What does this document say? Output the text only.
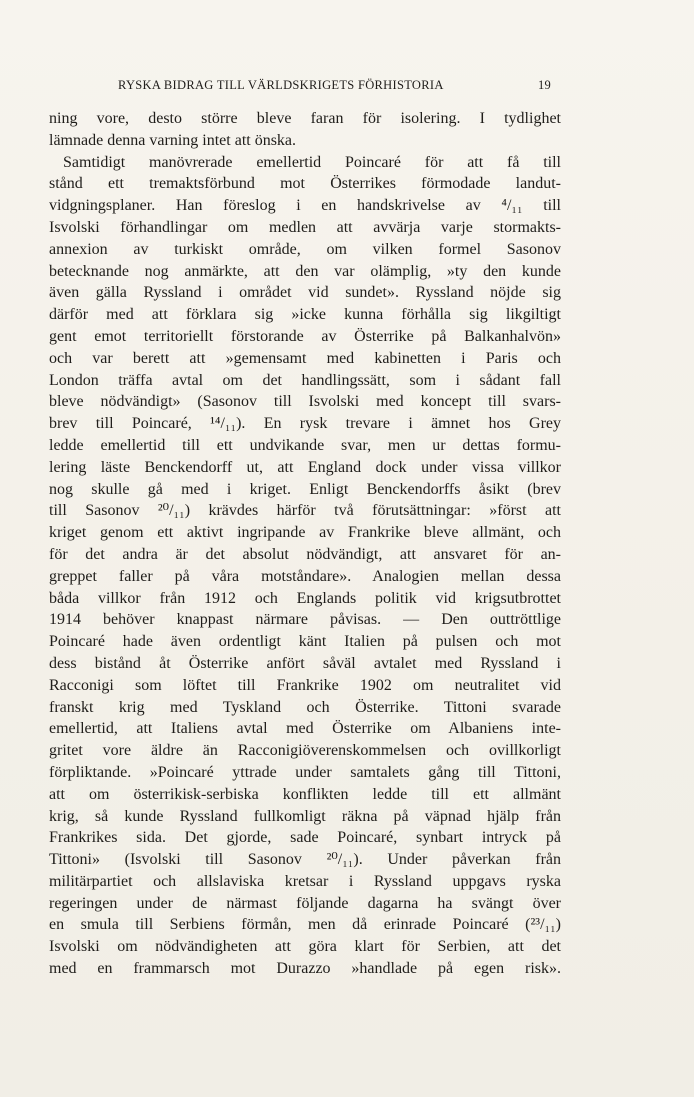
RYSKA BIDRAG TILL VÄRLDSKRIGETS FÖRHISTORIA	19
ning vore, desto större bleve faran för isolering. I tydlighet
lämnade denna varning intet att önska.
Samtidigt manövrerade emellertid Poincaré för att få till
stånd ett tremaktsförbund mot Österrikes förmodade landut-
vidgningsplaner. Han föreslog i en handskrivelse av ⁴/₁₁ till
Isvolski förhandlingar om medlen att avvärja varje stormakts-
annexion av turkiskt område, om vilken formel Sasonov
betecknande nog anmärkte, att den var olämplig, »ty den kunde
även gälla Ryssland i området vid sundet». Ryssland nöjde sig
därför med att förklara sig »icke kunna förhålla sig likgiltigt
gent emot territoriellt förstorande av Österrike på Balkanhalvön»
och var berett att »gemensamt med kabinetten i Paris och
London träffa avtal om det handlingssätt, som i sådant fall
bleve nödvändigt» (Sasonov till Isvolski med koncept till svars-
brev till Poincaré, ¹⁴/₁₁). En rysk trevare i ämnet hos Grey
ledde emellertid till ett undvikande svar, men ur dettas formu-
lering läste Benckendorff ut, att England dock under vissa villkor
nog skulle gå med i kriget. Enligt Benckendorffs åsikt (brev
till Sasonov ²⁰/₁₁) krävdes härför två förutsättningar: »först att
kriget genom ett aktivt ingripande av Frankrike bleve allmänt, och
för det andra är det absolut nödvändigt, att ansvaret för an-
greppet faller på våra motståndare». Analogien mellan dessa
båda villkor från 1912 och Englands politik vid krigsutbrottet
1914 behöver knappast närmare påvisas. — Den outtröttlige
Poincaré hade även ordentligt känt Italien på pulsen och mot
dess bistånd åt Österrike anfört såväl avtalet med Ryssland i
Racconigi som löftet till Frankrike 1902 om neutralitet vid
franskt krig med Tyskland och Österrike. Tittoni svarade
emellertid, att Italiens avtal med Österrike om Albaniens inte-
gritet vore äldre än Racconigiöverenskommelsen och ovillkorligt
förpliktande. »Poincaré yttrade under samtalets gång till Tittoni,
att om österrikisk-serbiska konflikten ledde till ett allmänt
krig, så kunde Ryssland fullkomligt räkna på väpnad hjälp från
Frankrikes sida. Det gjorde, sade Poincaré, synbart intryck på
Tittoni» (Isvolski till Sasonov ²⁰/₁₁). Under påverkan från
militärpartiet och allslaviska kretsar i Ryssland uppgavs ryska
regeringen under de närmast följande dagarna ha svängt över
en smula till Serbiens förmån, men då erinrade Poincaré (²³/₁₁)
Isvolski om nödvändigheten att göra klart för Serbien, att det
med en frammarsch mot Durazzo »handlade på egen risk».
